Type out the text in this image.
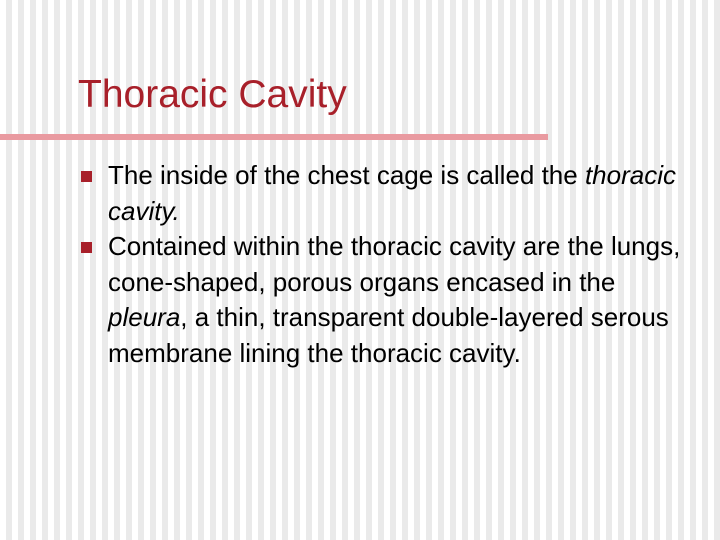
Thoracic Cavity
The inside of the chest cage is called the thoracic cavity.
Contained within the thoracic cavity are the lungs, cone-shaped, porous organs encased in the pleura, a thin, transparent double-layered serous membrane lining the thoracic cavity.
